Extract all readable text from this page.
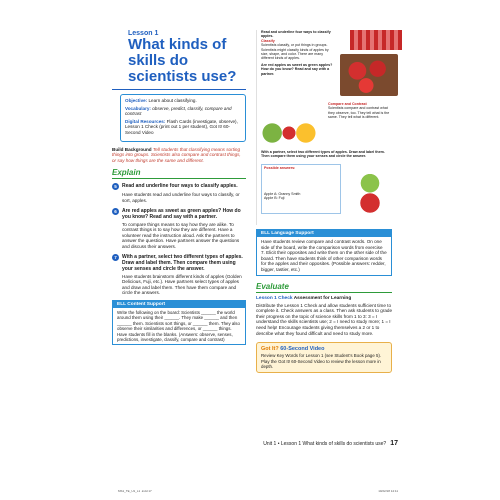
Lesson 1
What kinds of skills do scientists use?

Objective: Learn about classifying.

Vocabulary: observe, predict, classify, compare and contrast

Digital Resources: Flash Cards (investigate, observe), Lesson 1 Check (print out 1 per student), Got It! 60-Second Video

Build Background Tell students that classifying means sorting things into groups. Scientists also compare and contrast things, or say how things are the same and different.
Explain
5	Read and underline four ways to classify apples.
Have students read and underline four ways to classify, or sort, apples.
6	Are red apples as sweet as green apples? How do you know? Read and say with a partner.
To compare things means to say how they are alike. To contrast things is to say how they are different. Have a volunteer read the instruction aloud. Ask the partners to answer the question. Have partners answer the questions and discuss their answers.
7	With a partner, select two different types of apples. Draw and label them. Then compare them using your senses and circle the answer.
Have students brainstorm different kinds of apples (Golden Delicious, Fuji, etc.). Have partners select types of apples and draw and label them. Then have them compare and circle the answers.
ELL Content Support
Write the following on the board: Scientists ______ the world around them using their ______. They make ______ and then ______ them. Scientists sort things, or ______ them. They also observe their similarities and differences, or ______ things. Have students fill in the blanks. (Answers: observe, senses, predictions, investigate, classify, compare and contrast)
Read and underline four ways to classify apples.
Classify
Scientists classify, or put things in groups. Scientists might classify kinds of apples by size, shape, and color. There are many different kinds of apples.
Are red apples as sweet as green apples? How do you know? Read and say with a partner.
Compare and Contrast
Scientists compare and contrast what they observe, too. They tell what is the same. They tell what is different.
With a partner, select two different types of apples. Draw and label them. Then compare them using your senses and circle the answer.
Possible answers:
Apple A: Granny Smith
Apple B: Fuji
ELL Language Support
Have students review compare and contrast words. On one side of the board, write the comparison words from exercise 7. Elicit their opposites and write them on the other side of the board. Then have students think of other comparison words for the apples and their opposites. (Possible answers: redder, bigger, tastier, etc.)
Evaluate
Lesson 1 Check Assessment for Learning
Distribute the Lesson 1 Check and allow students sufficient time to complete it. Check answers as a class. Then ask students to grade their progress on the topic of science skills from 1 to 3: 3 = I understand the skills scientists use; 2 = I need to study more; 1 = I need help! Encourage students giving themselves a 2 or 1 to describe what they found difficult and need to study more.
Got It? 60-Second Video
Review Key Words for Lesson 1 (see Student's Book page 5). Play the Got It! 60-Second Video to review the lesson more in depth.
Unit 1 • Lesson 1 What kinds of skills do scientists use? 17
MS1_TE_U1_L1 .indd 17	10/22/18 14:11
